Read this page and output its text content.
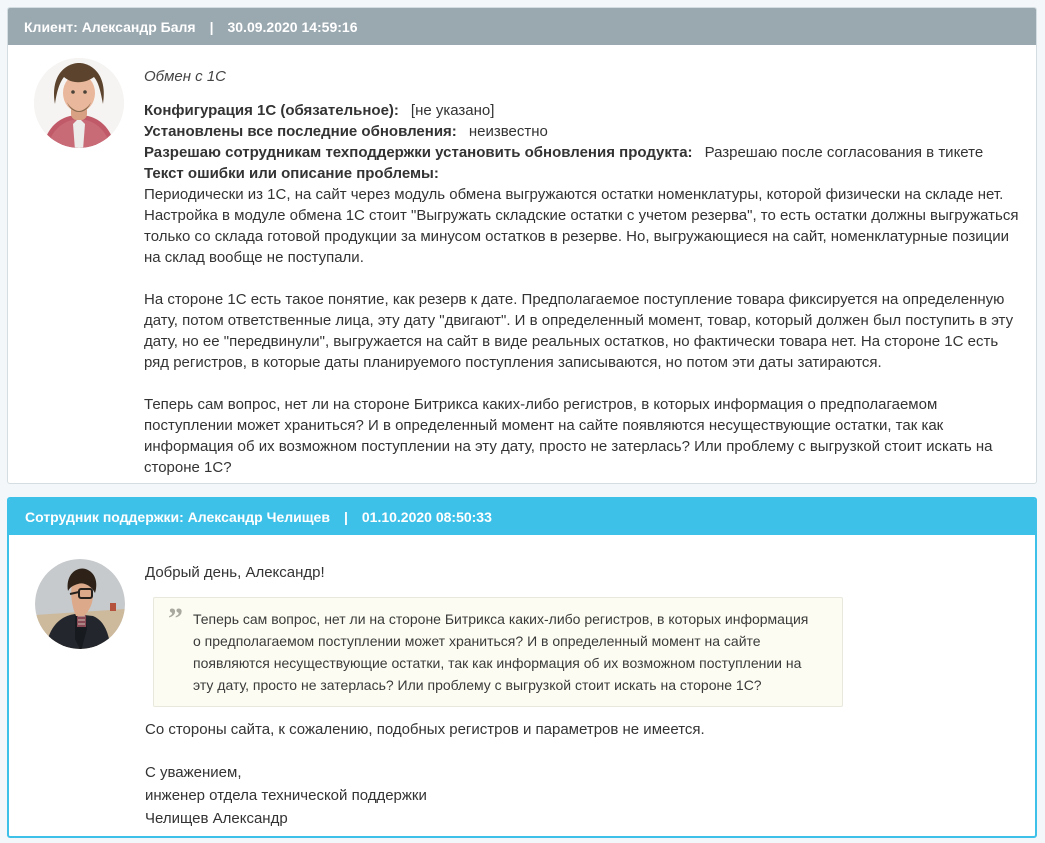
Клиент: Александр Баля | 30.09.2020 14:59:16
Обмен с 1С
Конфигурация 1С (обязательное): [не указано]
Установлены все последние обновления: неизвестно
Разрешаю сотрудникам техподдержки установить обновления продукта: Разрешаю после согласования в тикете
Текст ошибки или описание проблемы:
Периодически из 1С, на сайт через модуль обмена выгружаются остатки номенклатуры, которой физически на складе нет. Настройка в модуле обмена 1С стоит "Выгружать складские остатки с учетом резерва", то есть остатки должны выгружаться только со склада готовой продукции за минусом остатков в резерве. Но, выгружающиеся на сайт, номенклатурные позиции на склад вообще не поступали.
На стороне 1С есть такое понятие, как резерв к дате. Предполагаемое поступление товара фиксируется на определенную дату, потом ответственные лица, эту дату "двигают". И в определенный момент, товар, который должен был поступить в эту дату, но ее "передвинули", выгружается на сайт в виде реальных остатков, но фактически товара нет. На стороне 1С есть ряд регистров, в которые даты планируемого поступления записываются, но потом эти даты затираются.
Теперь сам вопрос, нет ли на стороне Битрикса каких-либо регистров, в которых информация о предполагаемом поступлении может храниться? И в определенный момент на сайте появляются несуществующие остатки, так как информация об их возможном поступлении на эту дату, просто не затерлась? Или проблему с выгрузкой стоит искать на стороне 1С?
Сотрудник поддержки: Александр Челищев | 01.10.2020 08:50:33
Добрый день, Александр!
” Теперь сам вопрос, нет ли на стороне Битрикса каких-либо регистров, в которых информация о предполагаемом поступлении может храниться? И в определенный момент на сайте появляются несуществующие остатки, так как информация об их возможном поступлении на эту дату, просто не затерлась? Или проблему с выгрузкой стоит искать на стороне 1С?
Со стороны сайта, к сожалению, подобных регистров и параметров не имеется.
С уважением,
инженер отдела технической поддержки
Челищев Александр
